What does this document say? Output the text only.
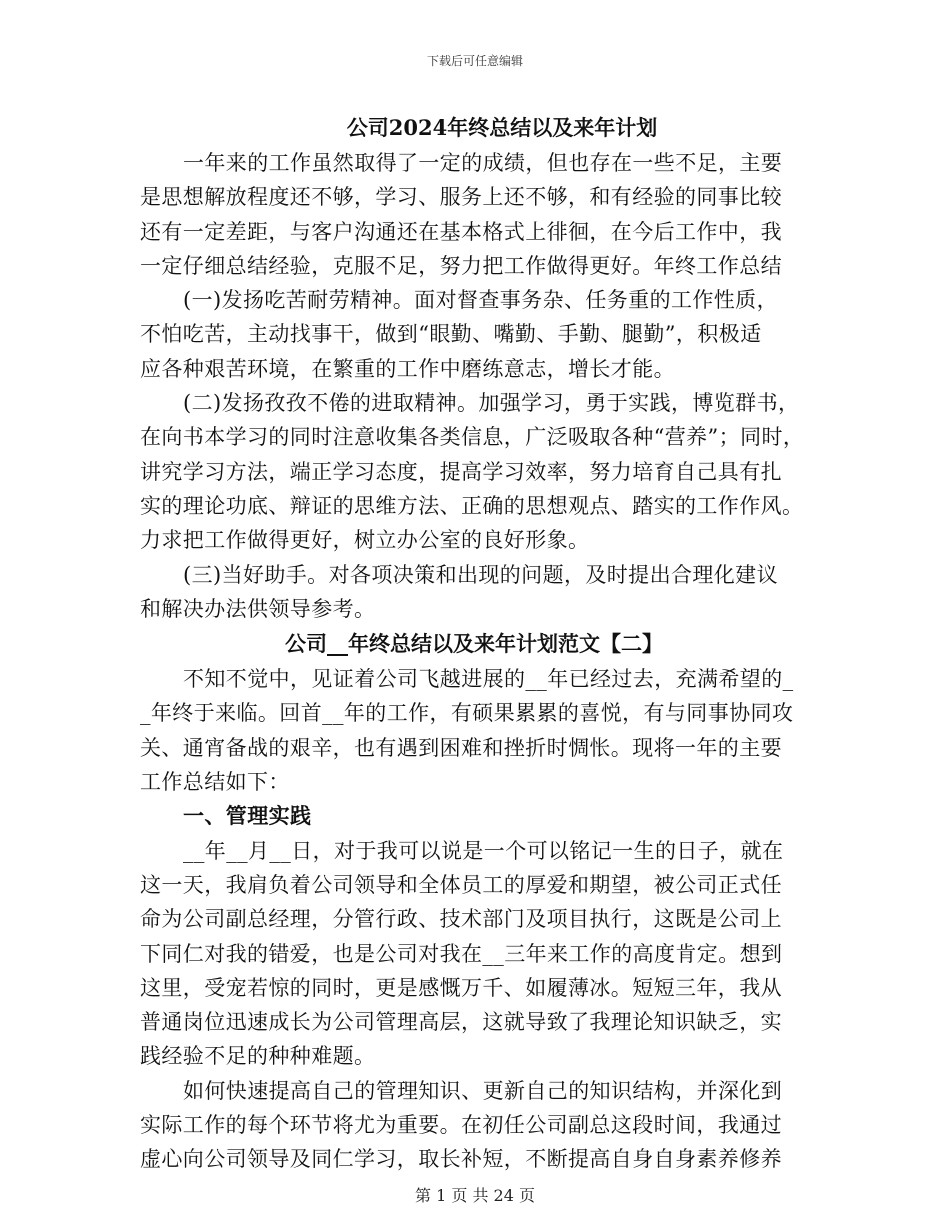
下载后可任意编辑
公司2024年终总结以及来年计划
一年来的工作虽然取得了一定的成绩，但也存在一些不足，主要
是思想解放程度还不够，学习、服务上还不够，和有经验的同事比较
还有一定差距，与客户沟通还在基本格式上徘徊，在今后工作中，我
一定仔细总结经验，克服不足，努力把工作做得更好。年终工作总结
(一)发扬吃苦耐劳精神。面对督查事务杂、任务重的工作性质，
不怕吃苦，主动找事干，做到“眼勤、嘴勤、手勤、腿勤”，积极适
应各种艰苦环境，在繁重的工作中磨练意志，增长才能。
(二)发扬孜孜不倦的进取精神。加强学习，勇于实践，博览群书，
在向书本学习的同时注意收集各类信息，广泛吸取各种“营养”；同时，
讲究学习方法，端正学习态度，提高学习效率，努力培育自己具有扎
实的理论功底、辩证的思维方法、正确的思想观点、踏实的工作作风。
力求把工作做得更好，树立办公室的良好形象。
(三)当好助手。对各项决策和出现的问题，及时提出合理化建议
和解决办法供领导参考。
公司__年终总结以及来年计划范文【二】
不知不觉中，见证着公司飞越进展的__年已经过去，充满希望的_
_年终于来临。回首__年的工作，有硕果累累的喜悦，有与同事协同攻
关、通宵备战的艰辛，也有遇到困难和挫折时惆怅。现将一年的主要
工作总结如下：
一、管理实践
__年__月__日，对于我可以说是一个可以铭记一生的日子，就在
这一天，我肩负着公司领导和全体员工的厚爱和期望，被公司正式任
命为公司副总经理，分管行政、技术部门及项目执行，这既是公司上
下同仁对我的错爱，也是公司对我在__三年来工作的高度肯定。想到
这里，受宠若惊的同时，更是感慨万千、如履薄冰。短短三年，我从
普通岗位迅速成长为公司管理高层，这就导致了我理论知识缺乏，实
践经验不足的种种难题。
如何快速提高自己的管理知识、更新自己的知识结构，并深化到
实际工作的每个环节将尤为重要。在初任公司副总这段时间，我通过
虚心向公司领导及同仁学习，取长补短，不断提高自身自身素养修养
第 1 页 共 24 页
